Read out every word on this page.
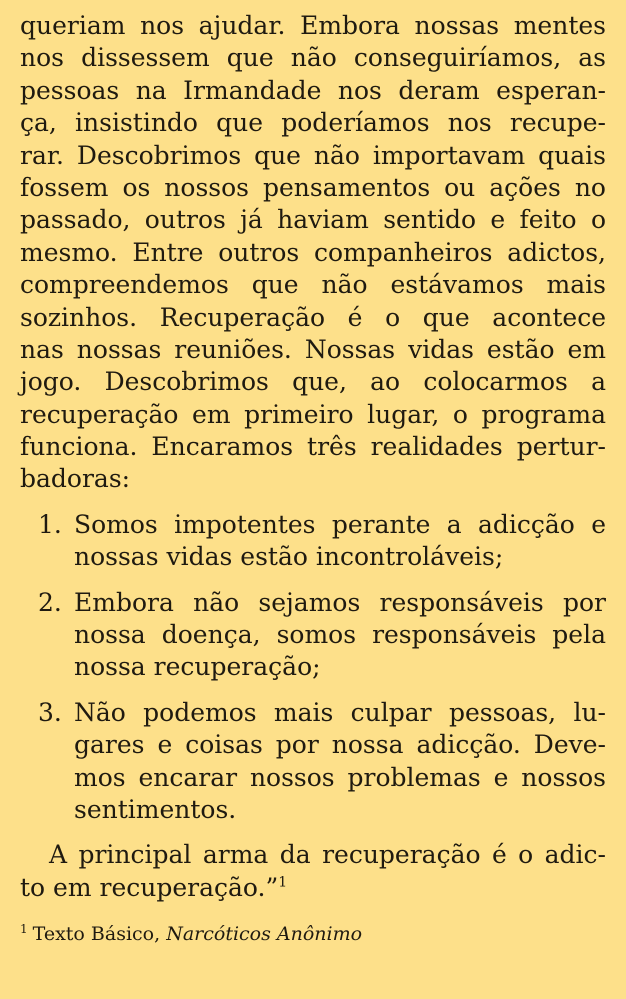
queriam nos ajudar. Embora nossas mentes
nos dissessem que não conseguiríamos, as
pessoas na Irmandade nos deram esperan-
ça, insistindo que poderíamos nos recupe-
rar. Descobrimos que não importavam quais
fossem os nossos pensamentos ou ações no
passado, outros já haviam sentido e feito o
mesmo. Entre outros companheiros adictos,
compreendemos que não estávamos mais
sozinhos. Recuperação é o que acontece
nas nossas reuniões. Nossas vidas estão em
jogo. Descobrimos que, ao colocarmos a
recuperação em primeiro lugar, o programa
funciona. Encaramos três realidades pertur-
badoras:
1. Somos impotentes perante a adicção e
nossas vidas estão incontroláveis;
2. Embora não sejamos responsáveis por
nossa doença, somos responsáveis pela
nossa recuperação;
3. Não podemos mais culpar pessoas, lu-
gares e coisas por nossa adicção. Deve-
mos encarar nossos problemas e nossos
sentimentos.
A principal arma da recuperação é o adic-
to em recuperação.”$^1$
$^1$ Texto Básico, Narcóticos Anônimo
